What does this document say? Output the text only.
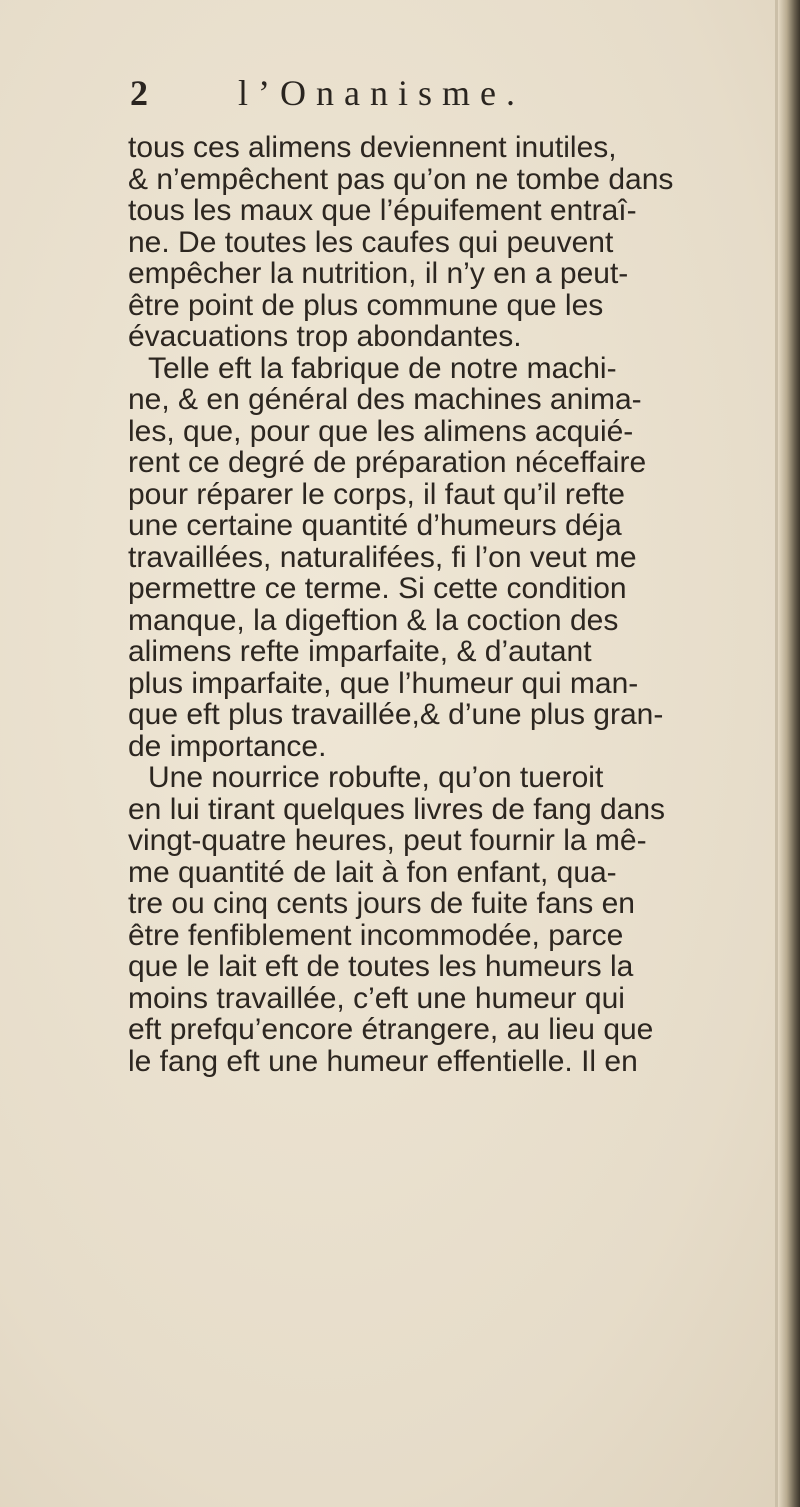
2	l’Onanisme.
tous ces alimens deviennent inutiles,
& n’empêchent pas qu’on ne tombe dans
tous les maux que l’épuifement entraî-
ne. De toutes les caufes qui peuvent
empêcher la nutrition, il n’y en a peut-
être point de plus commune que les
évacuations trop abondantes.
Telle eft la fabrique de notre machi-
ne, & en général des machines anima-
les, que, pour que les alimens acquié-
rent ce degré de préparation néceffaire
pour réparer le corps, il faut qu’il refte
une certaine quantité d’humeurs déja
travaillées, naturalifées, fi l’on veut me
permettre ce terme. Si cette condition
manque, la digeftion & la coction des
alimens refte imparfaite, & d’autant
plus imparfaite, que l’humeur qui man-
que eft plus travaillée,& d’une plus gran-
de importance.
Une nourrice robufte, qu’on tueroit
en lui tirant quelques livres de fang dans
vingt-quatre heures, peut fournir la mê-
me quantité de lait à fon enfant, qua-
tre ou cinq cents jours de fuite fans en
être fenfiblement incommodée, parce
que le lait eft de toutes les humeurs la
moins travaillée, c’eft une humeur qui
eft prefqu’encore étrangere, au lieu que
le fang eft une humeur effentielle. Il en
